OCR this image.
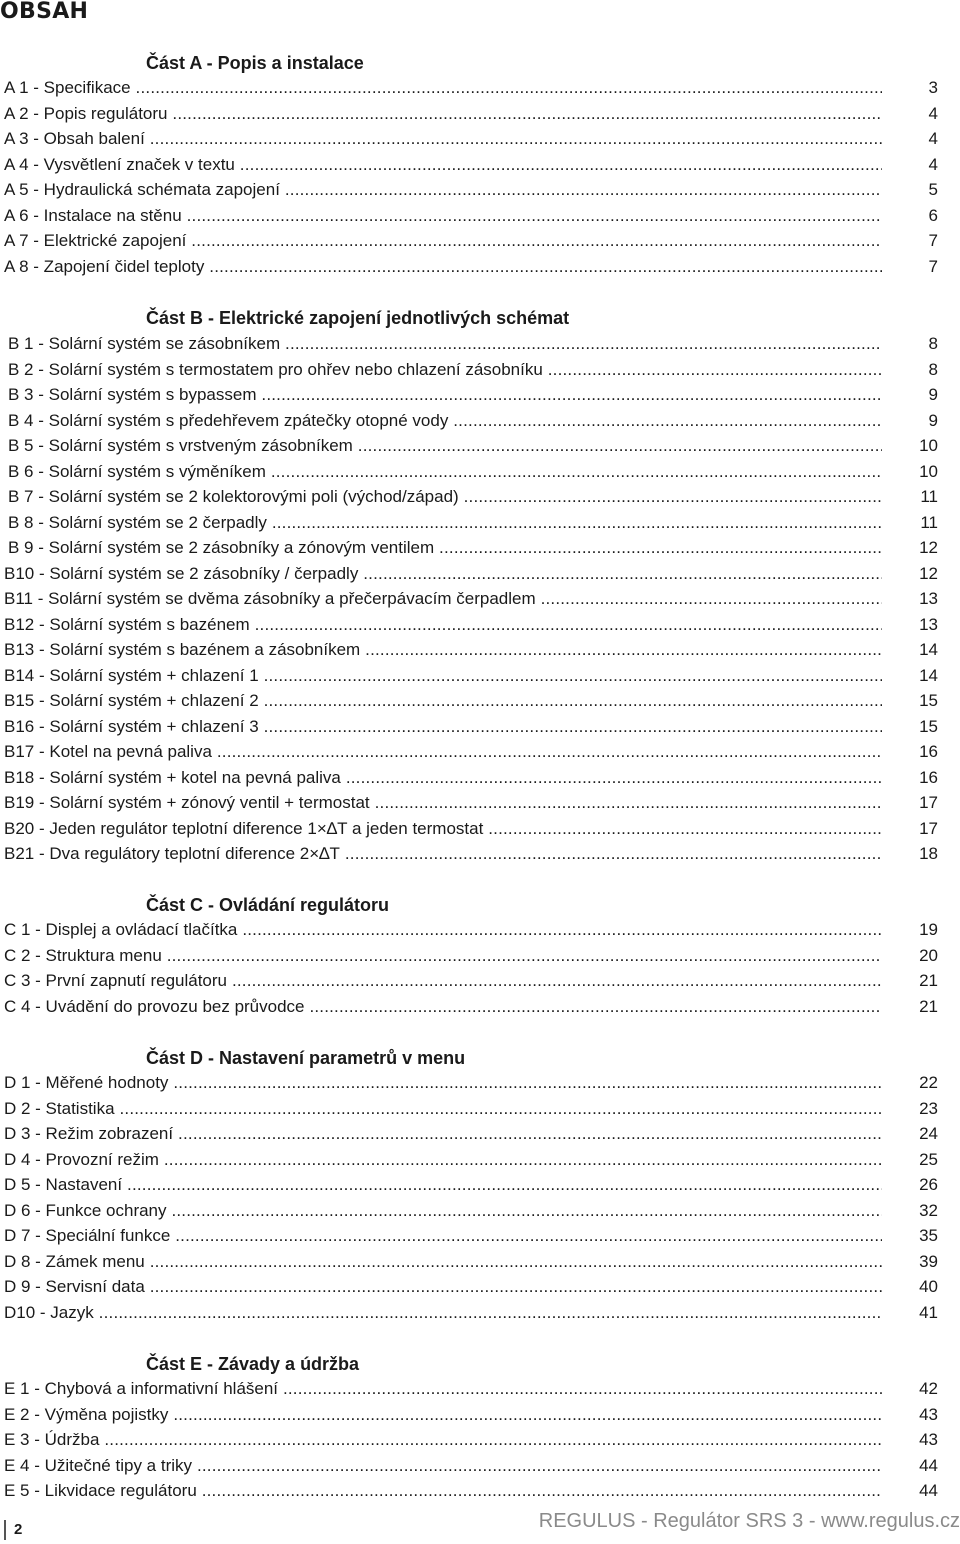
OBSAH
Část A - Popis a instalace
A 1 - Specifikace .....	3
A 2 - Popis regulátoru .....	4
A 3 - Obsah balení .....	4
A 4 - Vysvětlení značek v textu .....	4
A 5 - Hydraulická schémata zapojení .....	5
A 6 - Instalace na stěnu .....	6
A 7 - Elektrické zapojení .....	7
A 8 - Zapojení čidel teploty .....	7
Část B - Elektrické zapojení jednotlivých schémat
B 1 - Solární systém se zásobníkem .....	8
B 2 - Solární systém s termostatem pro ohřev nebo chlazení zásobníku .....	8
B 3 - Solární systém s bypassem .....	9
B 4 - Solární systém s předehřevem zpátečky otopné vody .....	9
B 5 - Solární systém s vrstveným zásobníkem .....	10
B 6 - Solární systém s výměníkem .....	10
B 7 - Solární systém se 2 kolektorovými poli (východ/západ) .....	11
B 8 - Solární systém se 2 čerpadly .....	11
B 9 - Solární systém se 2 zásobníky a zónovým ventilem .....	12
B10 - Solární systém se 2 zásobníky / čerpadly .....	12
B11 - Solární systém se dvěma zásobníky a přečerpávacím čerpadlem .....	13
B12 - Solární systém s bazénem .....	13
B13 - Solární systém s bazénem a zásobníkem .....	14
B14 - Solární systém + chlazení 1 .....	14
B15 - Solární systém + chlazení 2 .....	15
B16 - Solární systém + chlazení 3 .....	15
B17 - Kotel na pevná paliva .....	16
B18 - Solární systém + kotel na pevná paliva .....	16
B19 - Solární systém + zónový ventil + termostat .....	17
B20 - Jeden regulátor teplotní diference 1×∆T a jeden termostat .....	17
B21 - Dva regulátory teplotní diference 2×∆T .....	18
Část C - Ovládání regulátoru
C 1 - Displej a ovládací tlačítka .....	19
C 2 - Struktura menu .....	20
C 3 - První zapnutí regulátoru .....	21
C 4 - Uvádění do provozu bez průvodce .....	21
Část D - Nastavení parametrů v menu
D 1 - Měřené hodnoty .....	22
D 2 - Statistika .....	23
D 3 - Režim zobrazení .....	24
D 4 - Provozní režim .....	25
D 5 - Nastavení .....	26
D 6 - Funkce ochrany .....	32
D 7 - Speciální funkce .....	35
D 8 - Zámek menu .....	39
D 9 - Servisní data .....	40
D10 - Jazyk .....	41
Část E - Závady a údržba
E 1 - Chybová a informativní hlášení .....	42
E 2 - Výměna pojistky .....	43
E 3 - Údržba .....	43
E 4 - Užitečné tipy a triky .....	44
E 5 - Likvidace regulátoru .....	44
2	REGULUS - Regulátor SRS 3 - www.regulus.cz
